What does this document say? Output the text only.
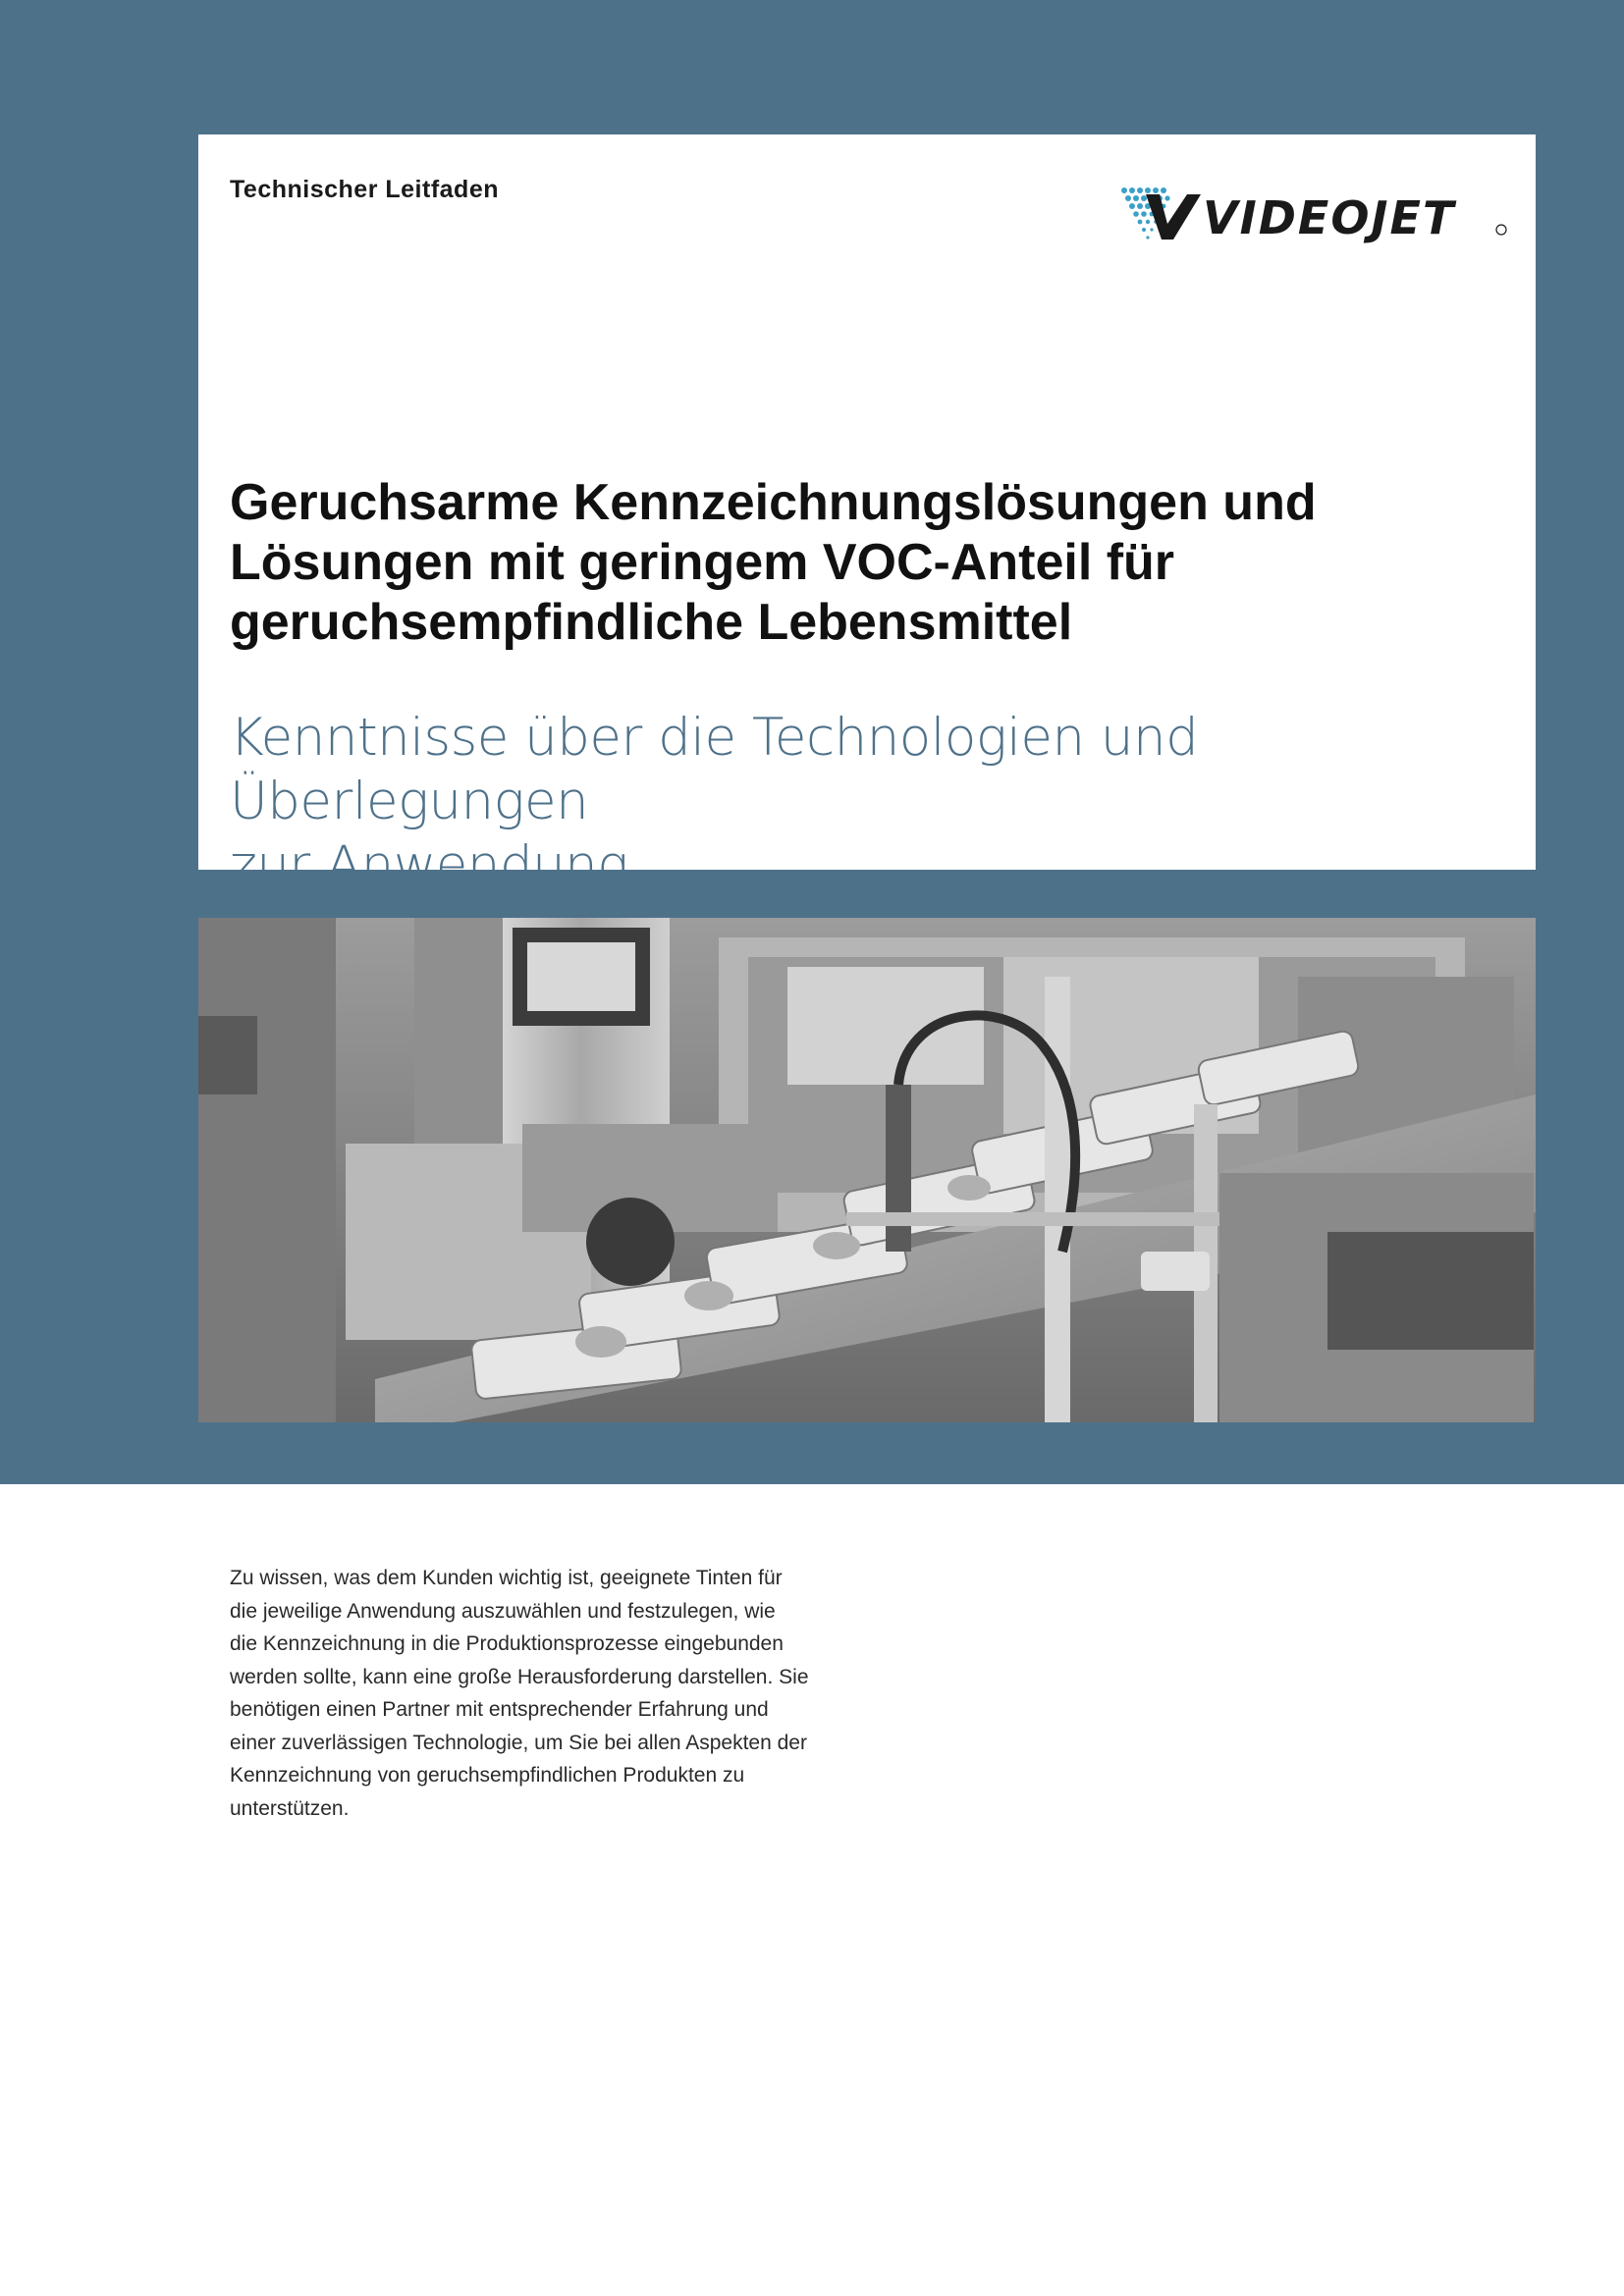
Technischer Leitfaden
VIDEOJET
Geruchsarme Kennzeichnungslösungen und
Lösungen mit geringem VOC-Anteil für
geruchsempfindliche Lebensmittel
Kenntnisse über die Technologien und Überlegungen
zur Anwendung

Zu wissen, was dem Kunden wichtig ist, geeignete Tinten für
die jeweilige Anwendung auszuwählen und festzulegen, wie
die Kennzeichnung in die Produktionsprozesse eingebunden
werden sollte, kann eine große Herausforderung darstellen. Sie
benötigen einen Partner mit entsprechender Erfahrung und
einer zuverlässigen Technologie, um Sie bei allen Aspekten der
Kennzeichnung von geruchsempfindlichen Produkten zu
unterstützen.
